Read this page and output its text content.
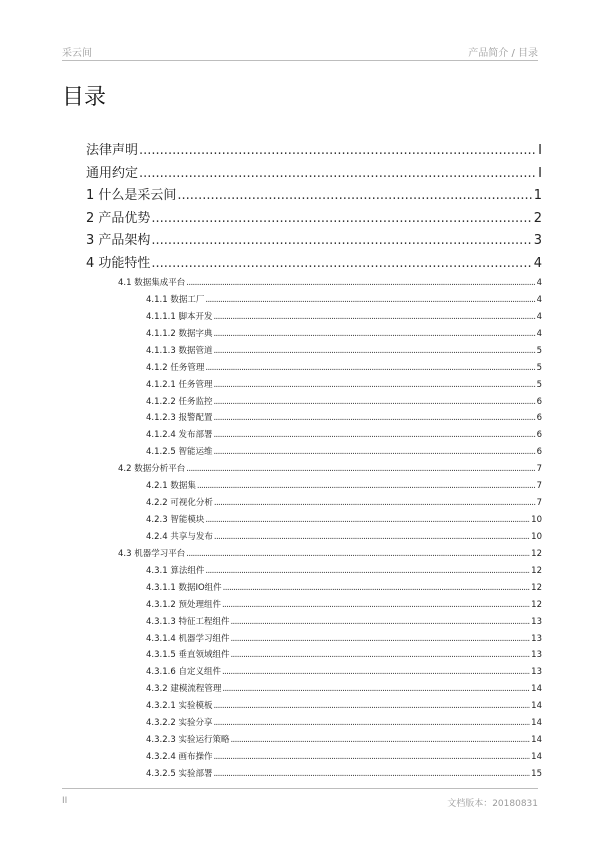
采云间	产品简介 / 目录
目录
法律声明 .....	I
通用约定 .....	I
1 什么是采云间 .....	1
2 产品优势 .....	2
3 产品架构 .....	3
4 功能特性 .....	4
4.1 数据集成平台 .....	4
4.1.1 数据工厂 .....	4
4.1.1.1 脚本开发 .....	4
4.1.1.2 数据字典 .....	4
4.1.1.3 数据管道 .....	5
4.1.2 任务管理 .....	5
4.1.2.1 任务管理 .....	5
4.1.2.2 任务监控 .....	6
4.1.2.3 报警配置 .....	6
4.1.2.4 发布部署 .....	6
4.1.2.5 智能运维 .....	6
4.2 数据分析平台 .....	7
4.2.1 数据集 .....	7
4.2.2 可视化分析 .....	7
4.2.3 智能模块 .....	10
4.2.4 共享与发布 .....	10
4.3 机器学习平台 .....	12
4.3.1 算法组件 .....	12
4.3.1.1 数据IO组件 .....	12
4.3.1.2 预处理组件 .....	12
4.3.1.3 特征工程组件 .....	13
4.3.1.4 机器学习组件 .....	13
4.3.1.5 垂直领域组件 .....	13
4.3.1.6 自定义组件 .....	13
4.3.2 建模流程管理 .....	14
4.3.2.1 实验模板 .....	14
4.3.2.2 实验分享 .....	14
4.3.2.3 实验运行策略 .....	14
4.3.2.4 画布操作 .....	14
4.3.2.5 实验部署 .....	15
II	文档版本：20180831
